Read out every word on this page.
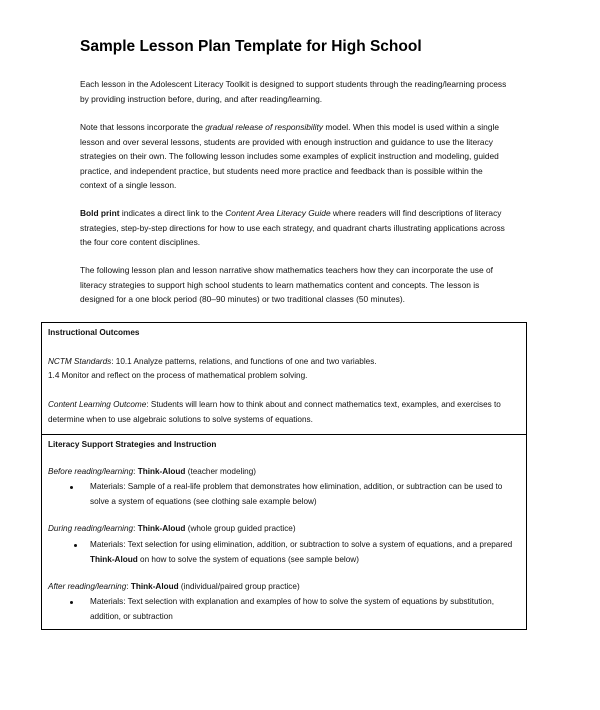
Sample Lesson Plan Template for High School
Each lesson in the Adolescent Literacy Toolkit is designed to support students through the reading/learning process by providing instruction before, during, and after reading/learning.
Note that lessons incorporate the gradual release of responsibility model. When this model is used within a single lesson and over several lessons, students are provided with enough instruction and guidance to use the literacy strategies on their own. The following lesson includes some examples of explicit instruction and modeling, guided practice, and independent practice, but students need more practice and feedback than is possible within the context of a single lesson.
Bold print indicates a direct link to the Content Area Literacy Guide where readers will find descriptions of literacy strategies, step-by-step directions for how to use each strategy, and quadrant charts illustrating applications across the four core content disciplines.
The following lesson plan and lesson narrative show mathematics teachers how they can incorporate the use of literacy strategies to support high school students to learn mathematics content and concepts. The lesson is designed for a one block period (80–90 minutes) or two traditional classes (50 minutes).
Instructional Outcomes
NCTM Standards: 10.1 Analyze patterns, relations, and functions of one and two variables.
1.4 Monitor and reflect on the process of mathematical problem solving.
Content Learning Outcome: Students will learn how to think about and connect mathematics text, examples, and exercises to determine when to use algebraic solutions to solve systems of equations.
Literacy Support Strategies and Instruction
Before reading/learning: Think-Aloud (teacher modeling)
Materials: Sample of a real-life problem that demonstrates how elimination, addition, or subtraction can be used to solve a system of equations (see clothing sale example below)
During reading/learning: Think-Aloud (whole group guided practice)
Materials: Text selection for using elimination, addition, or subtraction to solve a system of equations, and a prepared Think-Aloud on how to solve the system of equations (see sample below)
After reading/learning: Think-Aloud (individual/paired group practice)
Materials: Text selection with explanation and examples of how to solve the system of equations by substitution, addition, or subtraction
